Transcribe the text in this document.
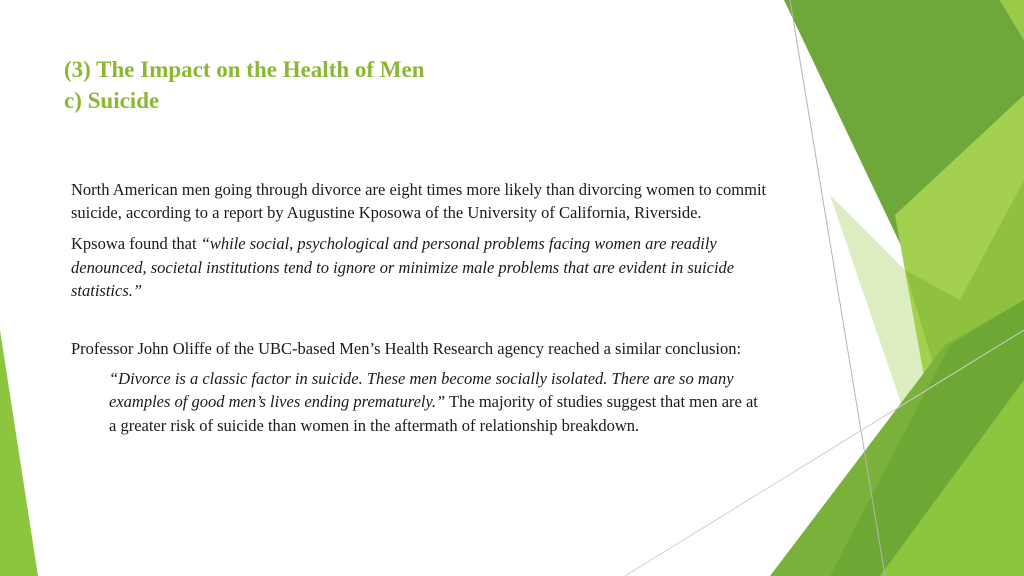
(3) The Impact on the Health of Men
c) Suicide

North American men going through divorce are eight times more likely than divorcing women to commit suicide, according to a report by Augustine Kposowa of the University of California, Riverside.

Kpsowa found that “while social, psychological and personal problems facing women are readily denounced, societal institutions tend to ignore or minimize male problems that are evident in suicide statistics.”

Professor John Oliffe of the UBC-based Men’s Health Research agency reached a similar conclusion:

“Divorce is a classic factor in suicide. These men become socially isolated. There are so many examples of good men’s lives ending prematurely.” The majority of studies suggest that men are at a greater risk of suicide than women in the aftermath of relationship breakdown.
